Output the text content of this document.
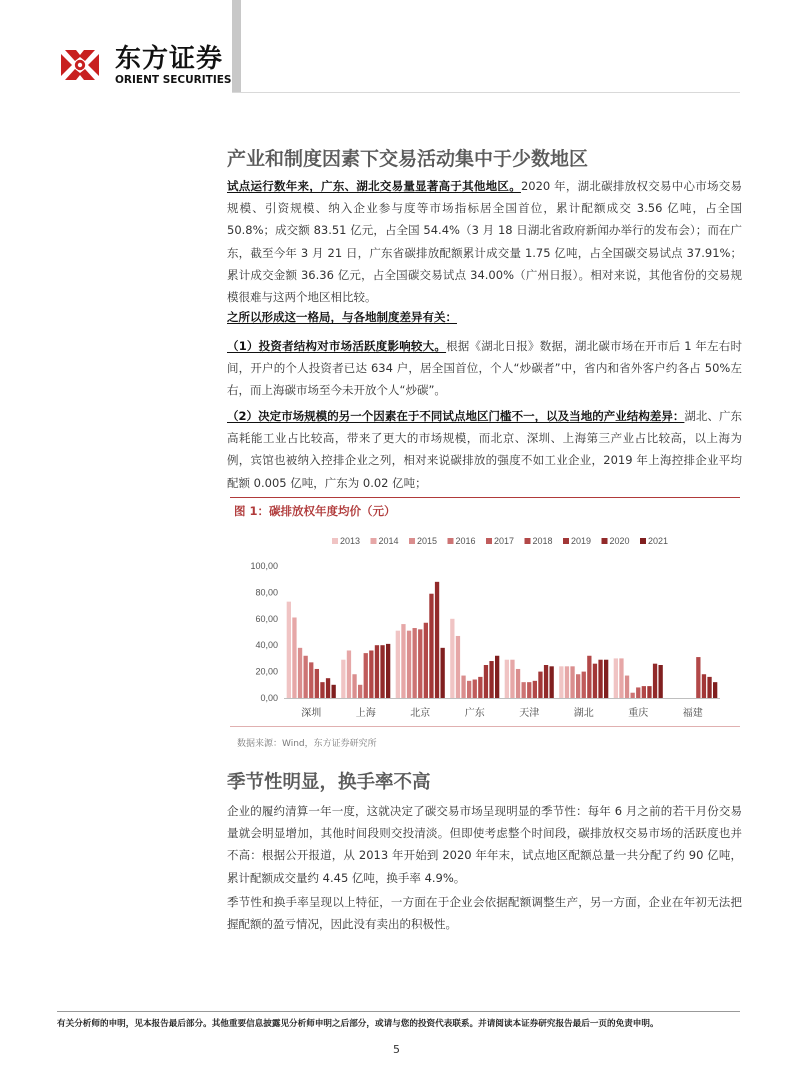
东方证券
ORIENT SECURITIES
产业和制度因素下交易活动集中于少数地区
试点运行数年来，广东、湖北交易量显著高于其他地区。2020 年，湖北碳排放权交易中心市场交易规模、引资规模、纳入企业参与度等市场指标居全国首位，累计配额成交 3.56 亿吨，占全国 50.8%；成交额 83.51 亿元，占全国 54.4%（3 月 18 日湖北省政府新闻办举行的发布会）；而在广东，截至今年 3 月 21 日，广东省碳排放配额累计成交量 1.75 亿吨，占全国碳交易试点 37.91%；累计成交金额 36.36 亿元，占全国碳交易试点 34.00%（广州日报）。相对来说，其他省份的交易规模很难与这两个地区相比较。
之所以形成这一格局，与各地制度差异有关：
（1）投资者结构对市场活跃度影响较大。根据《湖北日报》数据，湖北碳市场在开市后 1 年左右时间，开户的个人投资者已达 634 户，居全国首位，个人“炒碳者”中，省内和省外客户约各占 50%左右，而上海碳市场至今未开放个人“炒碳”。
（2）决定市场规模的另一个因素在于不同试点地区门槛不一，以及当地的产业结构差异：湖北、广东高耗能工业占比较高，带来了更大的市场规模，而北京、深圳、上海第三产业占比较高，以上海为例，宾馆也被纳入控排企业之列，相对来说碳排放的强度不如工业企业，2019 年上海控排企业平均配额 0.005 亿吨，广东为 0.02 亿吨；
图 1：碳排放权年度均价（元）
2013 2014 2015 2016 2017 2018 2019 2020 2021
0,00
20,00
40,00
60,00
80,00
100,00
深圳	上海	北京	广东	天津	湖北	重庆	福建
数据来源：Wind，东方证券研究所
季节性明显，换手率不高
企业的履约清算一年一度，这就决定了碳交易市场呈现明显的季节性：每年 6 月之前的若干月份交易量就会明显增加，其他时间段则交投清淡。但即使考虑整个时间段，碳排放权交易市场的活跃度也并不高：根据公开报道，从 2013 年开始到 2020 年年末，试点地区配额总量一共分配了约 90 亿吨，累计配额成交量约 4.45 亿吨，换手率 4.9%。
季节性和换手率呈现以上特征，一方面在于企业会依据配额调整生产，另一方面，企业在年初无法把握配额的盈亏情况，因此没有卖出的积极性。
有关分析师的申明，见本报告最后部分。其他重要信息披露见分析师申明之后部分，或请与您的投资代表联系。并请阅读本证券研究报告最后一页的免责申明。
5
